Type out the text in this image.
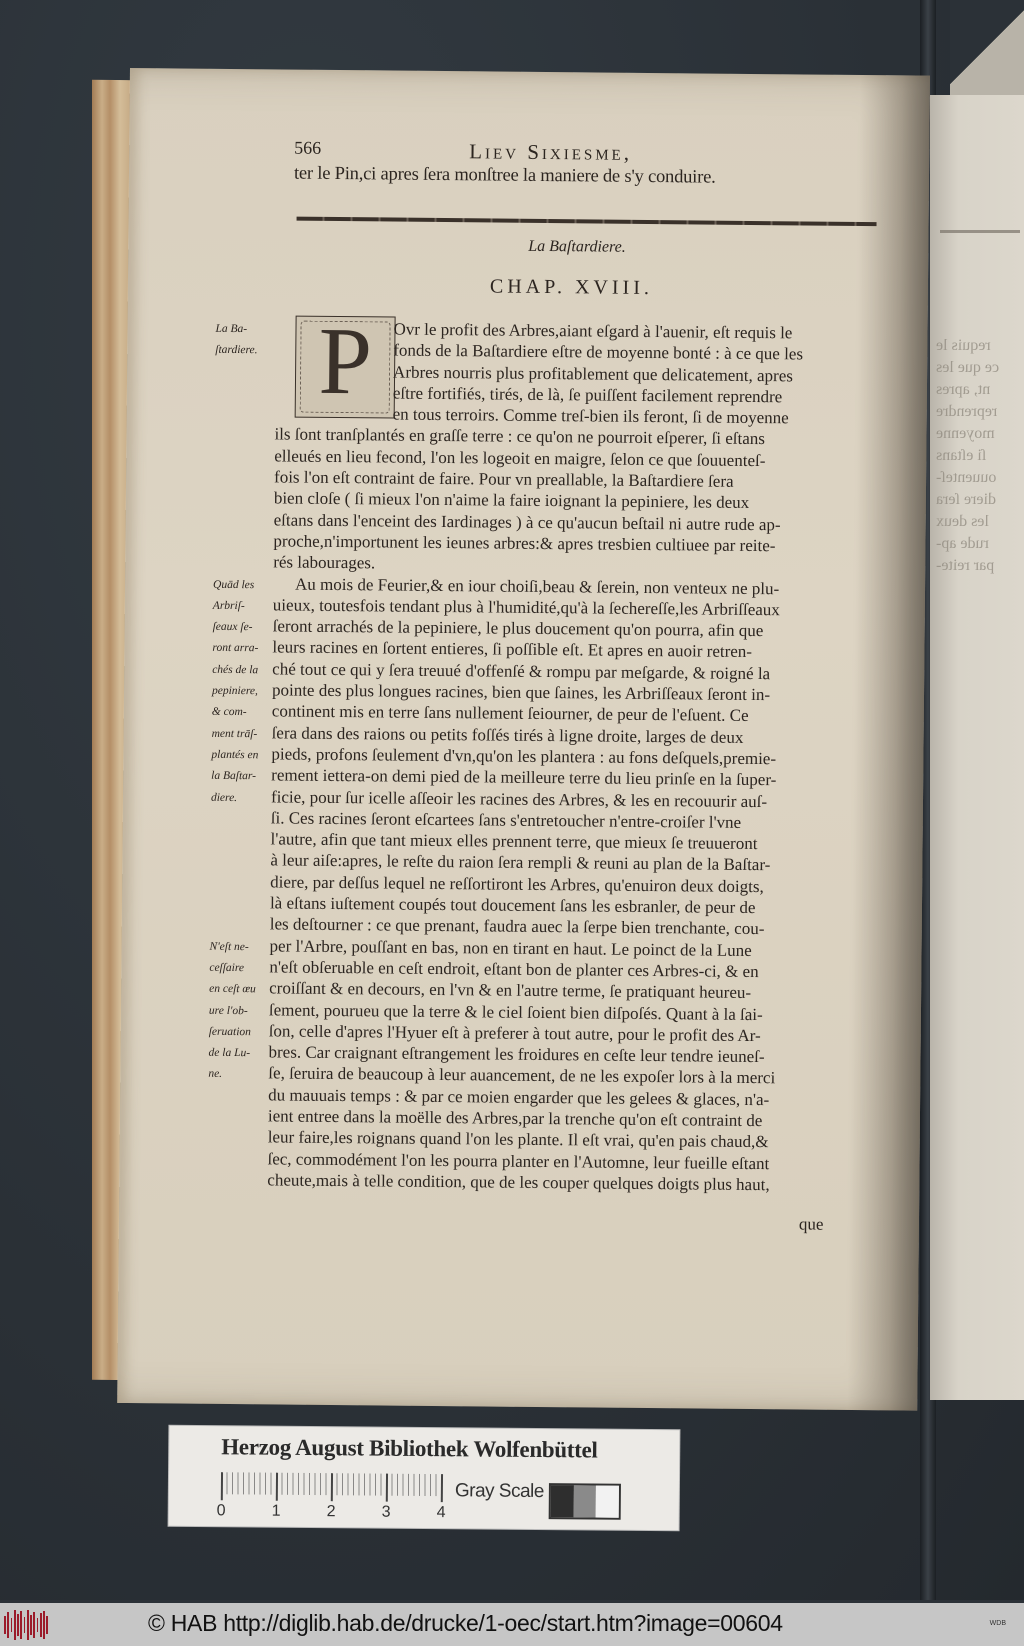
requis le
ce que les
nt, apres
reprendre
moyenne
ſi eſtans
ouuenteſ-
diere ſera
les deux
rude ap-
par reite-
566	Liev Sixiesme,
ter le Pin,ci apres ſera monſtree la maniere de s'y conduire.
La Baſtardiere.
CHAP. XVIII.
La Ba-
ſtardiere.
Quād les
Arbriſ-
ſeaux ſe-
ront arra-
chés de la
pepiniere,
& com-
ment trāſ-
plantés en
la Baſtar-
diere.
N'eſt ne-
ceſſaire
en ceſt œu
ure l'ob-
ſeruation
de la Lu-
ne.
P	Ovr le profit des Arbres,aiant eſgard à l'auenir, eſt requis le
fonds de la Baſtardiere eſtre de moyenne bonté : à ce que les
Arbres nourris plus profitablement que delicatement, apres
eſtre fortifiés, tirés, de là, ſe puiſſent facilement reprendre
en tous terroirs. Comme treſ-bien ils feront, ſi de moyenne
ils ſont tranſplantés en graſſe terre : ce qu'on ne pourroit eſperer, ſi eſtans
elleués en lieu fecond, l'on les logeoit en maigre, ſelon ce que ſouuenteſ-
fois l'on eſt contraint de faire. Pour vn preallable, la Baſtardiere ſera
bien cloſe ( ſi mieux l'on n'aime la faire ioignant la pepiniere, les deux
eſtans dans l'enceint des Iardinages ) à ce qu'aucun beſtail ni autre rude ap-
proche,n'importunent les ieunes arbres:& apres tresbien cultiuee par reite-
rés labourages.
Au mois de Feurier,& en iour choiſi,beau & ſerein, non venteux ne plu-
uieux, toutesfois tendant plus à l'humidité,qu'à la ſechereſſe,les Arbriſſeaux
ſeront arrachés de la pepiniere, le plus doucement qu'on pourra, afin que
leurs racines en ſortent entieres, ſi poſſible eſt. Et apres en auoir retren-
ché tout ce qui y ſera treuué d'offenſé & rompu par meſgarde, & roigné la
pointe des plus longues racines, bien que ſaines, les Arbriſſeaux ſeront in-
continent mis en terre ſans nullement ſeiourner, de peur de l'eſuent. Ce
ſera dans des raions ou petits foſſés tirés à ligne droite, larges de deux
pieds, profons ſeulement d'vn,qu'on les plantera : au fons deſquels,premie-
rement iettera-on demi pied de la meilleure terre du lieu prinſe en la ſuper-
ficie, pour ſur icelle aſſeoir les racines des Arbres, & les en recouurir auſ-
ſi. Ces racines ſeront eſcartees ſans s'entretoucher n'entre-croiſer l'vne
l'autre, afin que tant mieux elles prennent terre, que mieux ſe treuueront
à leur aiſe:apres, le reſte du raion ſera rempli & reuni au plan de la Baſtar-
diere, par deſſus lequel ne reſſortiront les Arbres, qu'enuiron deux doigts,
là eſtans iuſtement coupés tout doucement ſans les esbranler, de peur de
les deſtourner : ce que prenant, faudra auec la ſerpe bien trenchante, cou-
per l'Arbre, pouſſant en bas, non en tirant en haut. Le poinct de la Lune
n'eſt obſeruable en ceſt endroit, eſtant bon de planter ces Arbres-ci, & en
croiſſant & en decours, en l'vn & en l'autre terme, ſe pratiquant heureu-
ſement, pourueu que la terre & le ciel ſoient bien diſpoſés. Quant à la ſai-
ſon, celle d'apres l'Hyuer eſt à preferer à tout autre, pour le profit des Ar-
bres. Car craignant eſtrangement les froidures en ceſte leur tendre ieuneſ-
ſe, ſeruira de beaucoup à leur auancement, de ne les expoſer lors à la merci
du mauuais temps : & par ce moien engarder que les gelees & glaces, n'a-
ient entree dans la moëlle des Arbres,par la trenche qu'on eſt contraint de
leur faire,les roignans quand l'on les plante. Il eſt vrai, qu'en pais chaud,&
ſec, commodément l'on les pourra planter en l'Automne, leur fueille eſtant
cheute,mais à telle condition, que de les couper quelques doigts plus haut,
que
Herzog August Bibliothek Wolfenbüttel
0	1	2	3	4
Gray Scale
© HAB http://diglib.hab.de/drucke/1-oec/start.htm?image=00604	WDB
